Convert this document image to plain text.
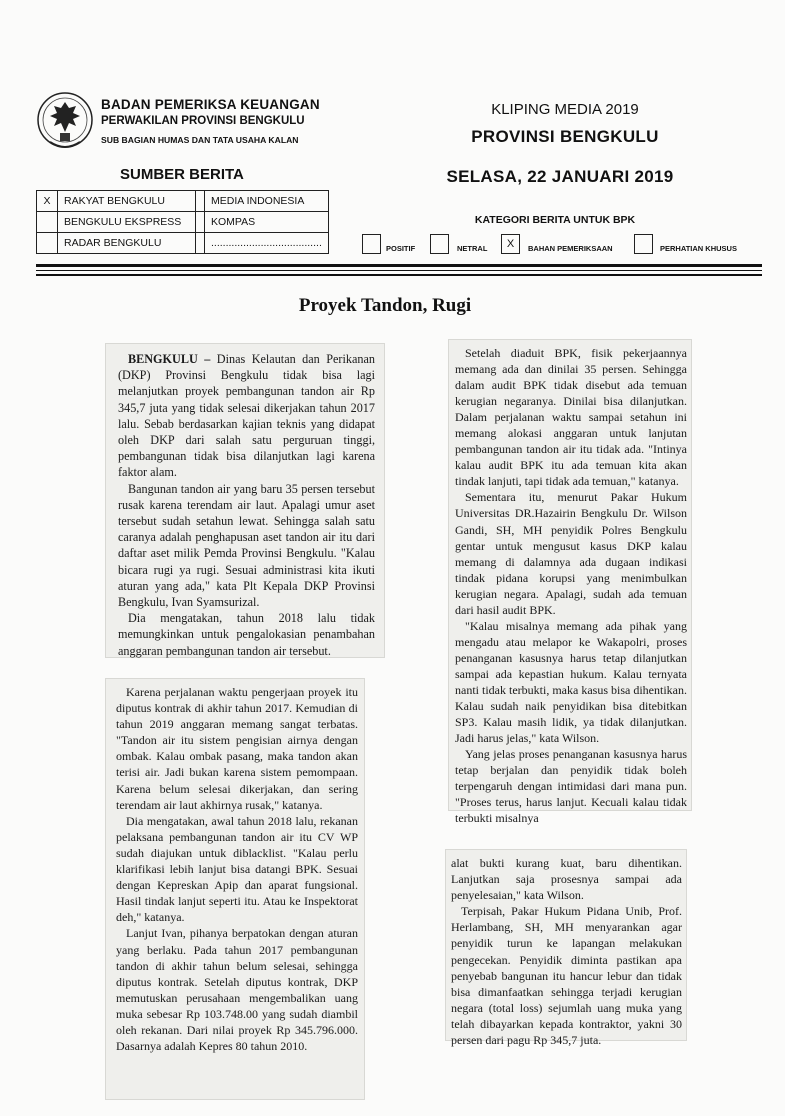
BADAN PEMERIKSA KEUANGAN
PERWAKILAN PROVINSI BENGKULU
SUB BAGIAN HUMAS DAN TATA USAHA KALAN
KLIPING MEDIA 2019
PROVINSI BENGKULU
SUMBER BERITA	SELASA, 22 JANUARI 2019
KATEGORI BERITA UNTUK BPK
X	RAKYAT BENGKULU		MEDIA INDONESIA
	BENGKULU EKSPRESS		KOMPAS
	RADAR BENGKULU		......................................	POSITIF	NETRAL	X	BAHAN PEMERIKSAAN	PERHATIAN KHUSUS
Proyek Tandon, Rugi

BENGKULU – Dinas Kelautan dan Perikanan (DKP) Provinsi Bengkulu tidak bisa lagi melanjutkan proyek pembangunan tandon air Rp 345,7 juta yang tidak selesai dikerjakan tahun 2017 lalu. Sebab berdasarkan kajian teknis yang didapat oleh DKP dari salah satu perguruan tinggi, pembangunan tidak bisa dilanjutkan lagi karena faktor alam.

Bangunan tandon air yang baru 35 persen tersebut rusak karena terendam air laut. Apalagi umur aset tersebut sudah setahun lewat. Sehingga salah satu caranya adalah penghapusan aset tandon air itu dari daftar aset milik Pemda Provinsi Bengkulu. "Kalau bicara rugi ya rugi. Sesuai administrasi kita ikuti aturan yang ada," kata Plt Kepala DKP Provinsi Bengkulu, Ivan Syamsurizal.

Dia mengatakan, tahun 2018 lalu tidak memungkinkan untuk pengalokasian penambahan anggaran pembangunan tandon air tersebut.

Karena perjalanan waktu pengerjaan proyek itu diputus kontrak di akhir tahun 2017. Kemudian di tahun 2019 anggaran memang sangat terbatas. "Tandon air itu sistem pengisian airnya dengan ombak. Kalau ombak pasang, maka tandon akan terisi air. Jadi bukan karena sistem pemompaan. Karena belum selesai dikerjakan, dan sering terendam air laut akhirnya rusak," katanya.

Dia mengatakan, awal tahun 2018 lalu, rekanan pelaksana pembangunan tandon air itu CV WP sudah diajukan untuk diblacklist. "Kalau perlu klarifikasi lebih lanjut bisa datangi BPK. Sesuai dengan Kepreskan Apip dan aparat fungsional. Hasil tindak lanjut seperti itu. Atau ke Inspektorat deh," katanya.

Lanjut Ivan, pihanya berpatokan dengan aturan yang berlaku. Pada tahun 2017 pembangunan tandon di akhir tahun belum selesai, sehingga diputus kontrak. Setelah diputus kontrak, DKP memutuskan perusahaan mengembalikan uang muka sebesar Rp 103.748.00 yang sudah diambil oleh rekanan. Dari nilai proyek Rp 345.796.000. Dasarnya adalah Kepres 80 tahun 2010.

Setelah diaduit BPK, fisik pekerjaannya memang ada dan dinilai 35 persen. Sehingga dalam audit BPK tidak disebut ada temuan kerugian negaranya. Dinilai bisa dilanjutkan. Dalam perjalanan waktu sampai setahun ini memang alokasi anggaran untuk lanjutan pembangunan tandon air itu tidak ada. "Intinya kalau audit BPK itu ada temuan kita akan tindak lanjuti, tapi tidak ada temuan," katanya.

Sementara itu, menurut Pakar Hukum Universitas DR.Hazairin Bengkulu Dr. Wilson Gandi, SH, MH penyidik Polres Bengkulu gentar untuk mengusut kasus DKP kalau memang di dalamnya ada dugaan indikasi tindak pidana korupsi yang menimbulkan kerugian negara. Apalagi, sudah ada temuan dari hasil audit BPK.

"Kalau misalnya memang ada pihak yang mengadu atau melapor ke Wakapolri, proses penanganan kasusnya harus tetap dilanjutkan sampai ada kepastian hukum. Kalau ternyata nanti tidak terbukti, maka kasus bisa dihentikan. Kalau sudah naik penyidikan bisa ditebitkan SP3. Kalau masih lidik, ya tidak dilanjutkan. Jadi harus jelas," kata Wilson.

Yang jelas proses penanganan kasusnya harus tetap berjalan dan penyidik tidak boleh terpengaruh dengan intimidasi dari mana pun. "Proses terus, harus lanjut. Kecuali kalau tidak terbukti misalnya

alat bukti kurang kuat, baru dihentikan. Lanjutkan saja prosesnya sampai ada penyelesaian," kata Wilson.

Terpisah, Pakar Hukum Pidana Unib, Prof. Herlambang, SH, MH menyarankan agar penyidik turun ke lapangan melakukan pengecekan. Penyidik diminta pastikan apa penyebab bangunan itu hancur lebur dan tidak bisa dimanfaatkan sehingga terjadi kerugian negara (total loss) sejumlah uang muka yang telah dibayarkan kepada kontraktor, yakni 30 persen dari pagu Rp 345,7 juta.
